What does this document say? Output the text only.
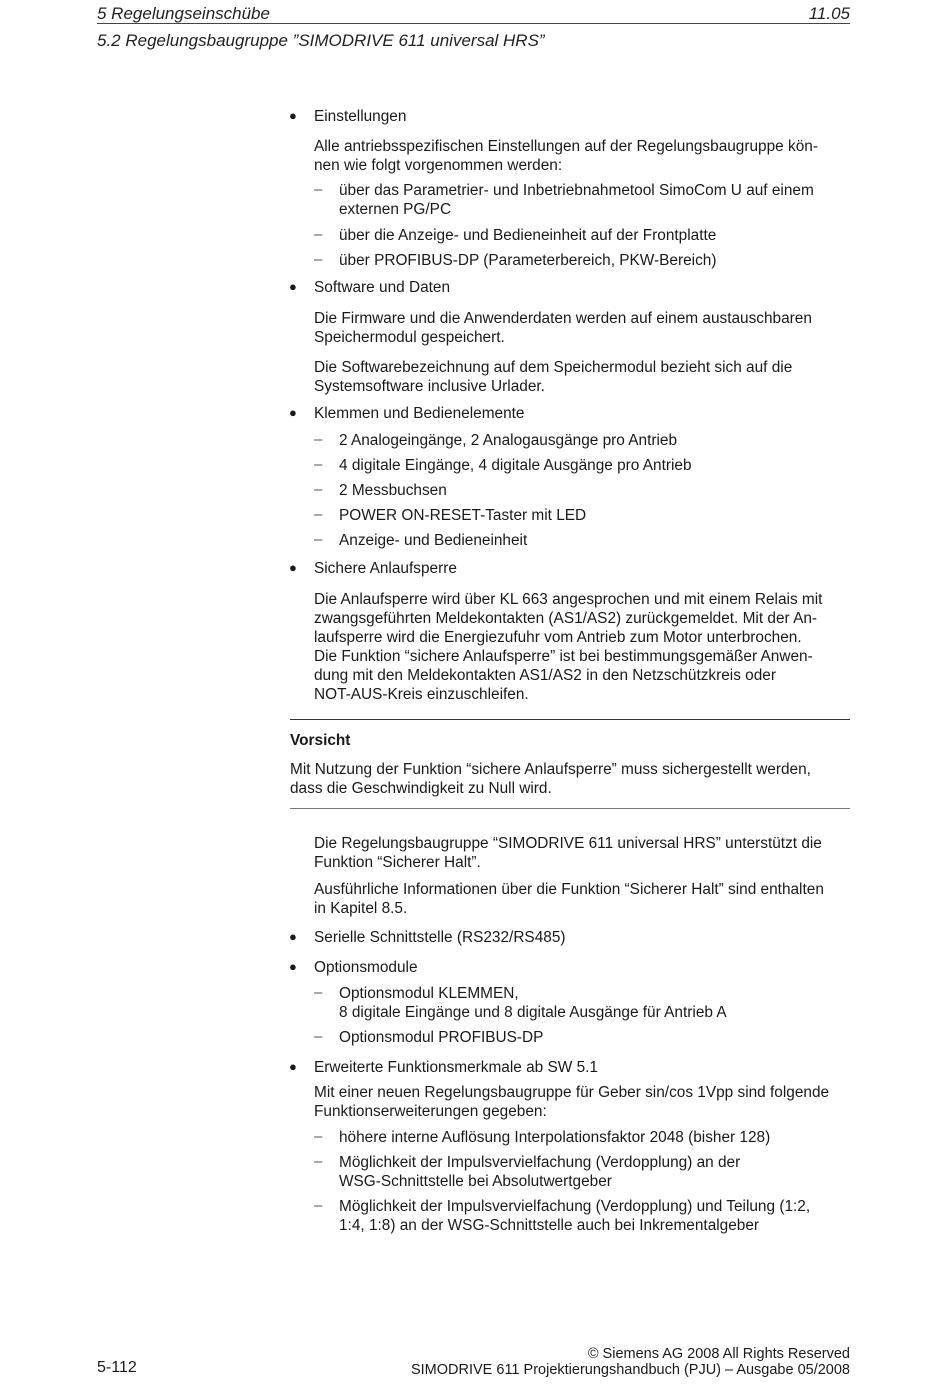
5 Regelungseinschübe	11.05
5.2 Regelungsbaugruppe ”SIMODRIVE 611 universal HRS”
● Einstellungen
Alle antriebsspezifischen Einstellungen auf der Regelungsbaugruppe kön-
nen wie folgt vorgenommen werden:
– über das Parametrier- und Inbetriebnahmetool SimoCom U auf einem
externen PG/PC
– über die Anzeige- und Bedieneinheit auf der Frontplatte
– über PROFIBUS-DP (Parameterbereich, PKW-Bereich)
● Software und Daten
Die Firmware und die Anwenderdaten werden auf einem austauschbaren
Speichermodul gespeichert.
Die Softwarebezeichnung auf dem Speichermodul bezieht sich auf die
Systemsoftware inclusive Urlader.
● Klemmen und Bedienelemente
– 2 Analogeingänge, 2 Analogausgänge pro Antrieb
– 4 digitale Eingänge, 4 digitale Ausgänge pro Antrieb
– 2 Messbuchsen
– POWER ON-RESET-Taster mit LED
– Anzeige- und Bedieneinheit
● Sichere Anlaufsperre
Die Anlaufsperre wird über KL 663 angesprochen und mit einem Relais mit
zwangsgeführten Meldekontakten (AS1/AS2) zurückgemeldet. Mit der An-
laufsperre wird die Energiezufuhr vom Antrieb zum Motor unterbrochen.
Die Funktion “sichere Anlaufsperre” ist bei bestimmungsgemäßer Anwen-
dung mit den Meldekontakten AS1/AS2 in den Netzschützkreis oder
NOT-AUS-Kreis einzuschleifen.
Vorsicht
Mit Nutzung der Funktion “sichere Anlaufsperre” muss sichergestellt werden,
dass die Geschwindigkeit zu Null wird.
Die Regelungsbaugruppe “SIMODRIVE 611 universal HRS” unterstützt die
Funktion “Sicherer Halt”.
Ausführliche Informationen über die Funktion “Sicherer Halt” sind enthalten
in Kapitel 8.5.
● Serielle Schnittstelle (RS232/RS485)
● Optionsmodule
– Optionsmodul KLEMMEN,
8 digitale Eingänge und 8 digitale Ausgänge für Antrieb A
– Optionsmodul PROFIBUS-DP
● Erweiterte Funktionsmerkmale ab SW 5.1
Mit einer neuen Regelungsbaugruppe für Geber sin/cos 1Vpp sind folgende
Funktionserweiterungen gegeben:
– höhere interne Auflösung Interpolationsfaktor 2048 (bisher 128)
– Möglichkeit der Impulsvervielfachung (Verdopplung) an der
WSG-Schnittstelle bei Absolutwertgeber
– Möglichkeit der Impulsvervielfachung (Verdopplung) und Teilung (1:2,
1:4, 1:8) an der WSG-Schnittstelle auch bei Inkrementalgeber
5-112
© Siemens AG 2008 All Rights Reserved
SIMODRIVE 611 Projektierungshandbuch (PJU) – Ausgabe 05/2008
